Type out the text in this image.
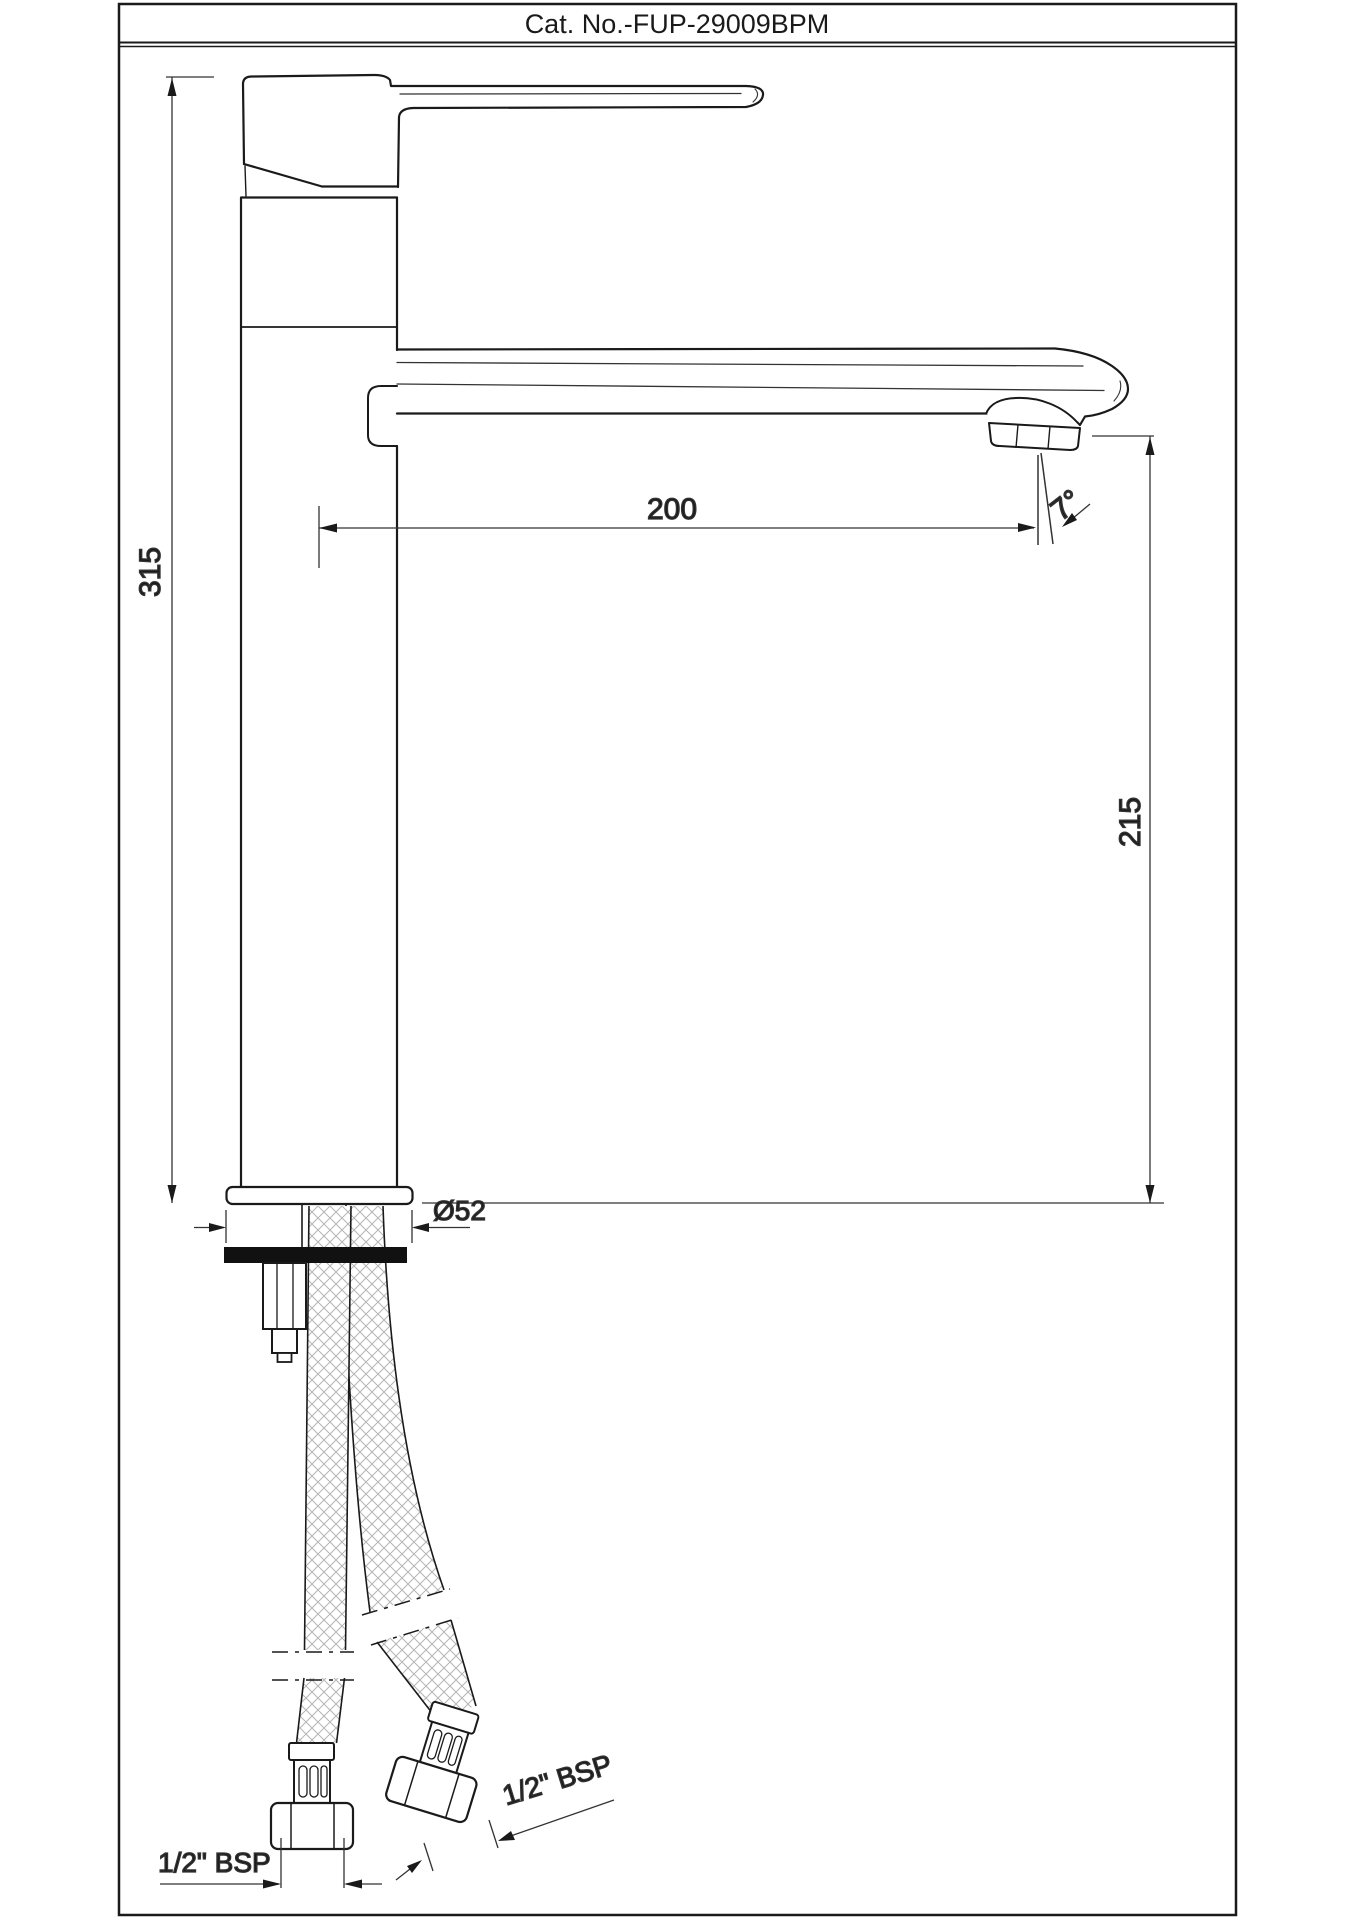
Cat. No.-FUP-29009BPM
315
200	7°
215
Ø52
1/2" BSP
1/2" BSP
